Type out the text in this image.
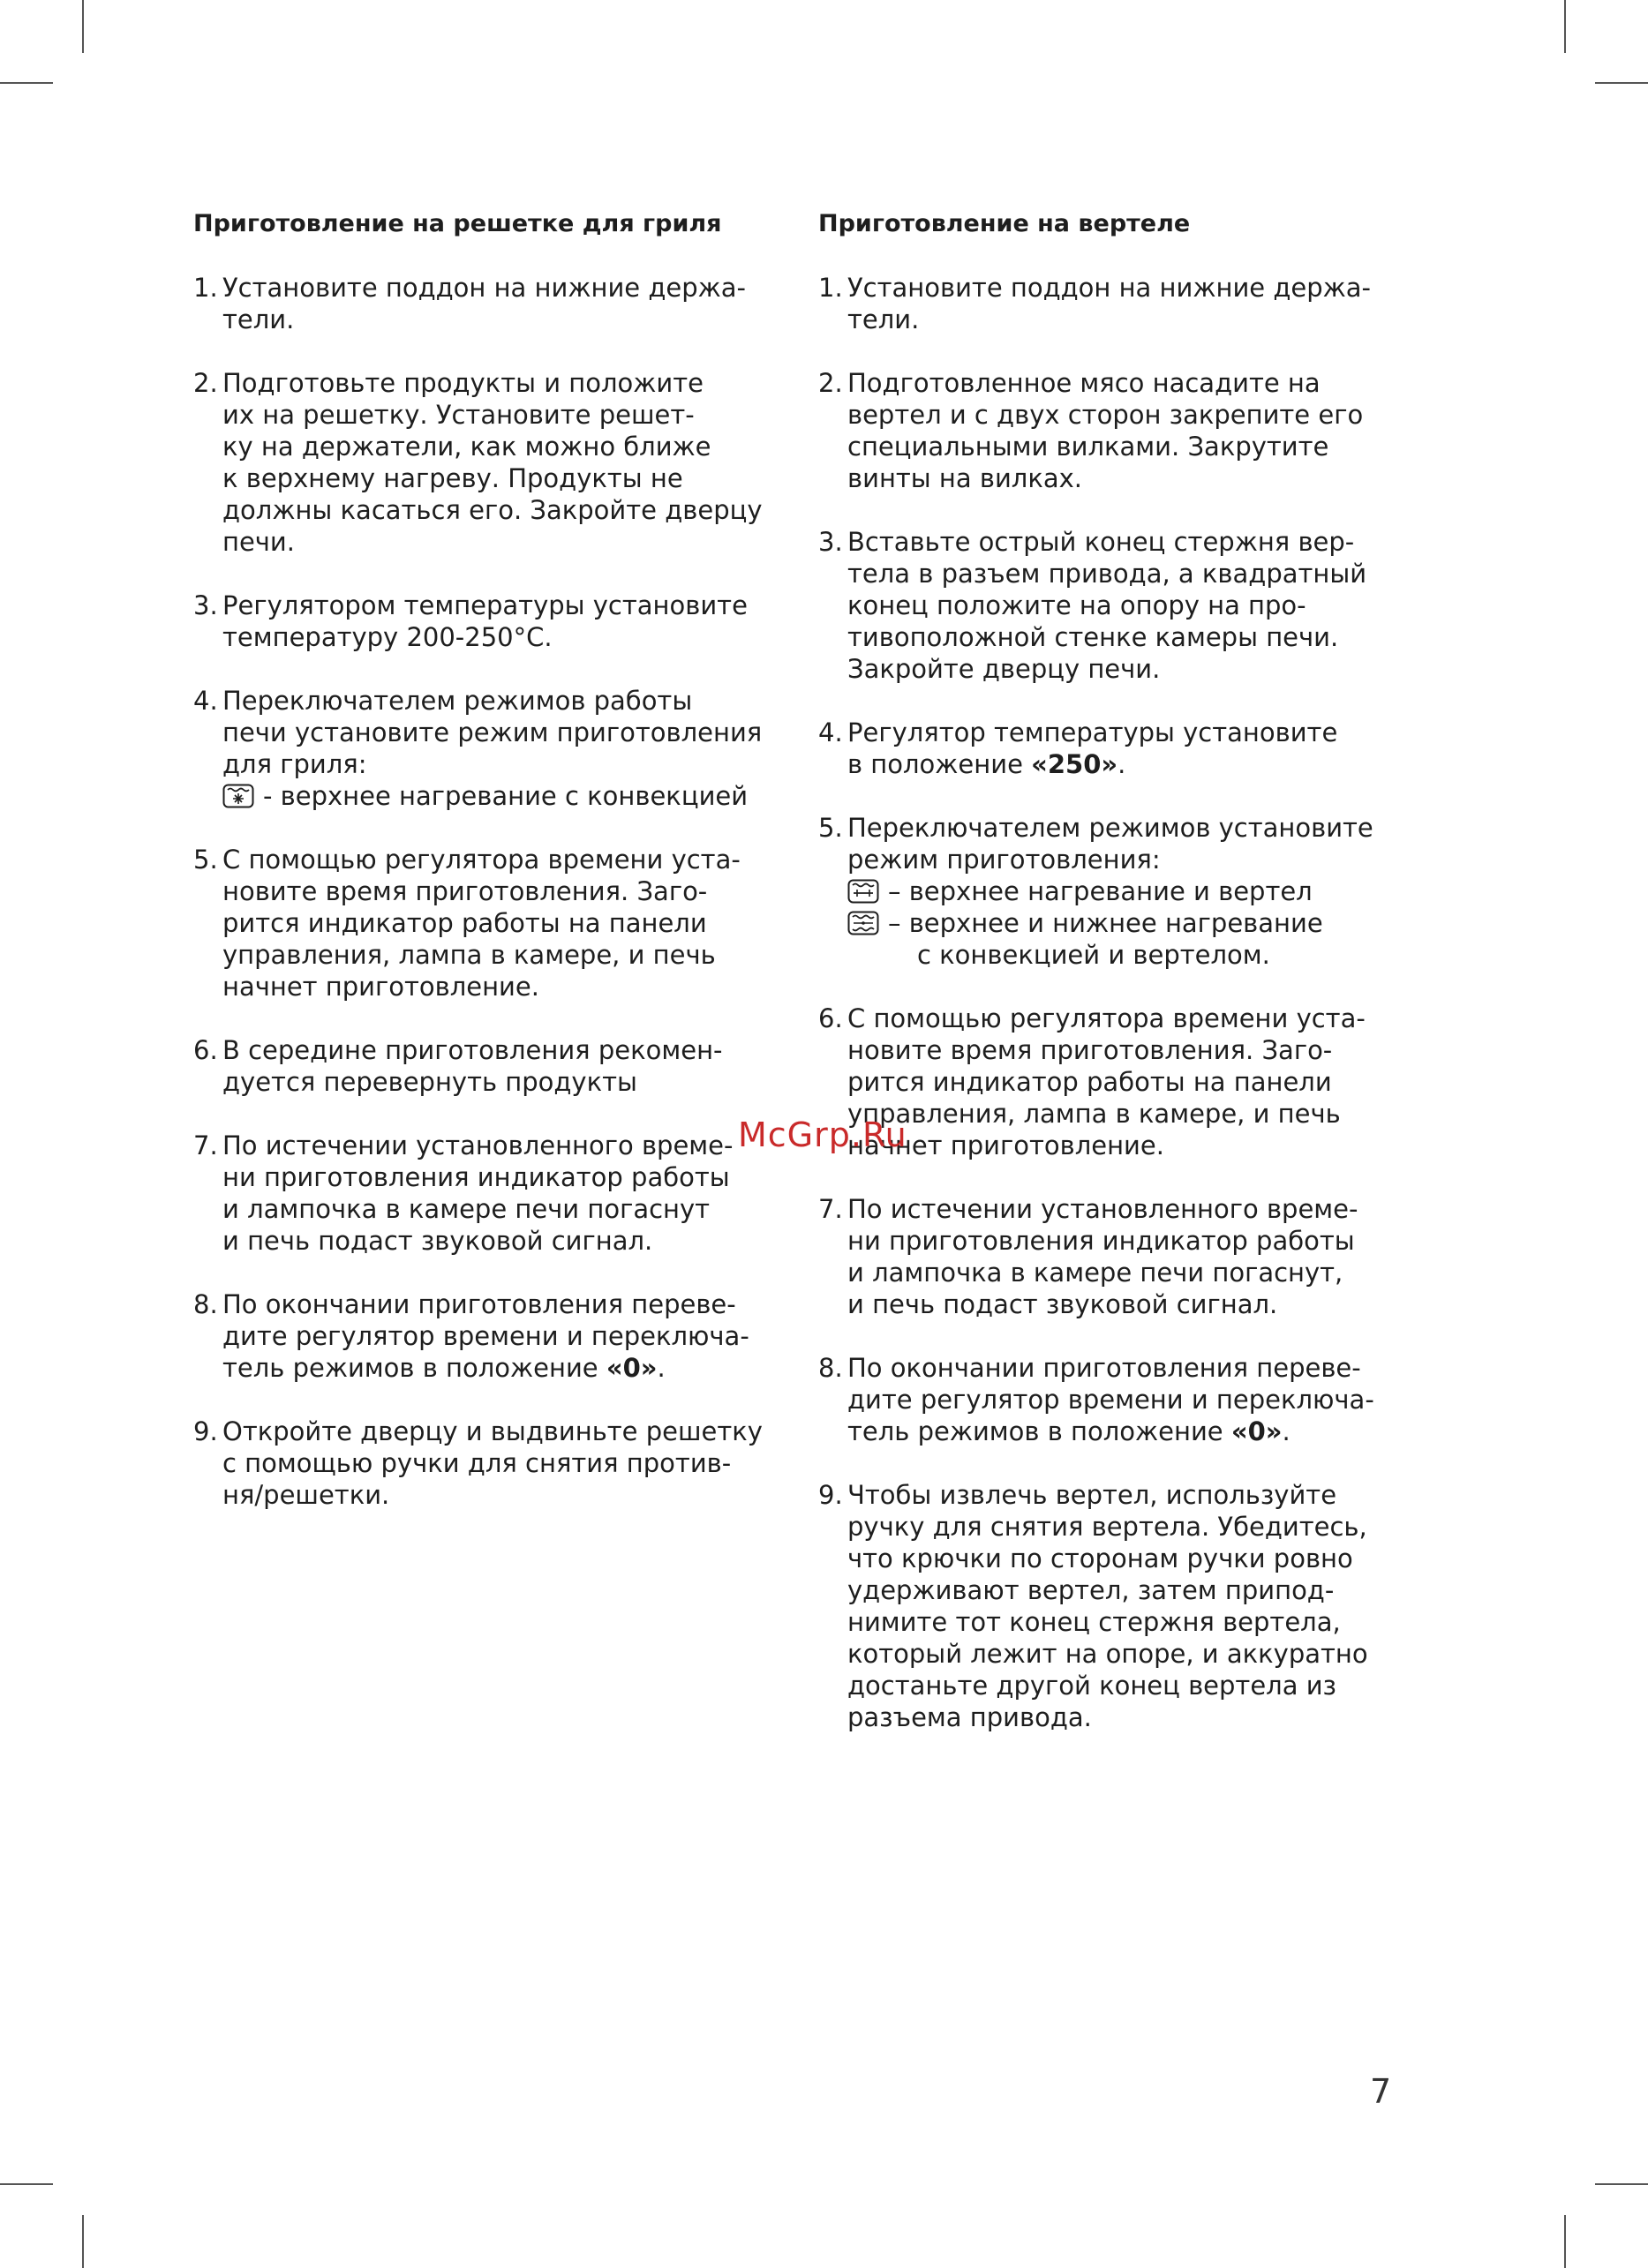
Приготовление на решетке для гриля
1. Установите поддон на нижние держа-
тели.
2. Подготовьте продукты и положите
их на решетку. Установите решет-
ку на держатели, как можно ближе
к верхнему нагреву. Продукты не
должны касаться его. Закройте дверцу
печи.
3. Регулятором температуры установите
температуру 200-250°С.
4. Переключателем режимов работы
печи установите режим приготовления
для гриля:
- верхнее нагревание с конвекцией
5. С помощью регулятора времени уста-
новите время приготовления. Заго-
рится индикатор работы на панели
управления, лампа в камере, и печь
начнет приготовление.
6. В середине приготовления рекомен-
дуется перевернуть продукты
7. По истечении установленного време-
ни приготовления индикатор работы
и лампочка в камере печи погаснут
и печь подаст звуковой сигнал.
8. По окончании приготовления переве-
дите регулятор времени и переключа-
тель режимов в положение «0».
9. Откройте дверцу и выдвиньте решетку
с помощью ручки для снятия против-
ня/решетки.
Приготовление на вертеле
1. Установите поддон на нижние держа-
тели.
2. Подготовленное мясо насадите на
вертел и с двух сторон закрепите его
специальными вилками. Закрутите
винты на вилках.
3. Вставьте острый конец стержня вер-
тела в разъем привода, а квадратный
конец положите на опору на про-
тивоположной стенке камеры печи.
Закройте дверцу печи.
4. Регулятор температуры установите
в положение «250».
5. Переключателем режимов установите
режим приготовления:
– верхнее нагревание и вертел
– верхнее и нижнее нагревание
с конвекцией и вертелом.
6. С помощью регулятора времени уста-
новите время приготовления. Заго-
рится индикатор работы на панели
управления, лампа в камере, и печь
начнет приготовление.
7. По истечении установленного време-
ни приготовления индикатор работы
и лампочка в камере печи погаснут,
и печь подаст звуковой сигнал.
8. По окончании приготовления переве-
дите регулятор времени и переключа-
тель режимов в положение «0».
9. Чтобы извлечь вертел, используйте
ручку для снятия вертела. Убедитесь,
что крючки по сторонам ручки ровно
удерживают вертел, затем припод-
нимите тот конец стержня вертела,
который лежит на опоре, и аккуратно
достаньте другой конец вертела из
разъема привода.
McGrp.Ru
7
